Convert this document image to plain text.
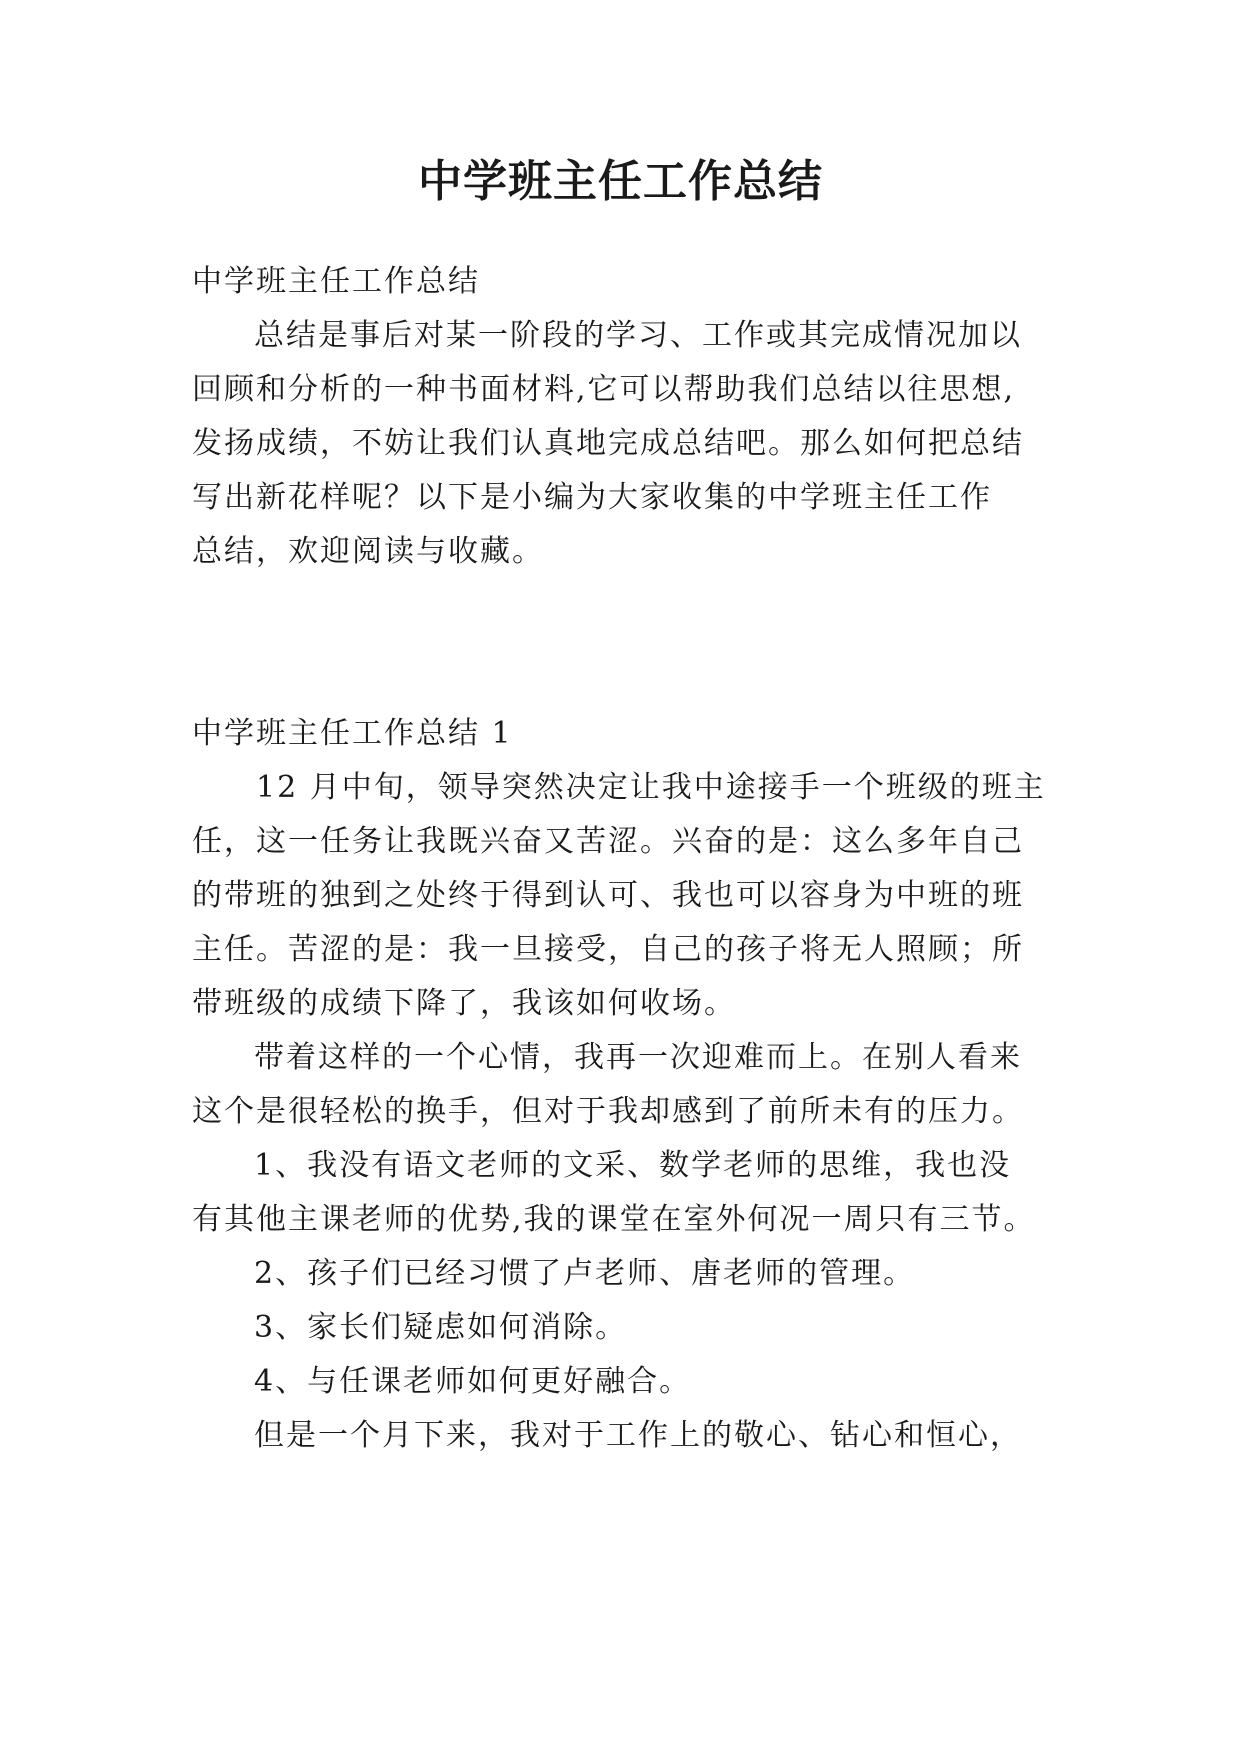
中学班主任工作总结

中学班主任工作总结

总结是事后对某一阶段的学习、工作或其完成情况加以

回顾和分析的一种书面材料,它可以帮助我们总结以往思想,

发扬成绩，不妨让我们认真地完成总结吧。那么如何把总结

写出新花样呢？以下是小编为大家收集的中学班主任工作

总结，欢迎阅读与收藏。

中学班主任工作总结 1

12 月中旬，领导突然决定让我中途接手一个班级的班主

任，这一任务让我既兴奋又苦涩。兴奋的是：这么多年自己

的带班的独到之处终于得到认可、我也可以容身为中班的班

主任。苦涩的是：我一旦接受，自己的孩子将无人照顾；所

带班级的成绩下降了，我该如何收场。

带着这样的一个心情，我再一次迎难而上。在别人看来

这个是很轻松的换手，但对于我却感到了前所未有的压力。

1、我没有语文老师的文采、数学老师的思维，我也没

有其他主课老师的优势,我的课堂在室外何况一周只有三节。

2、孩子们已经习惯了卢老师、唐老师的管理。

3、家长们疑虑如何消除。

4、与任课老师如何更好融合。

但是一个月下来，我对于工作上的敬心、钻心和恒心，
